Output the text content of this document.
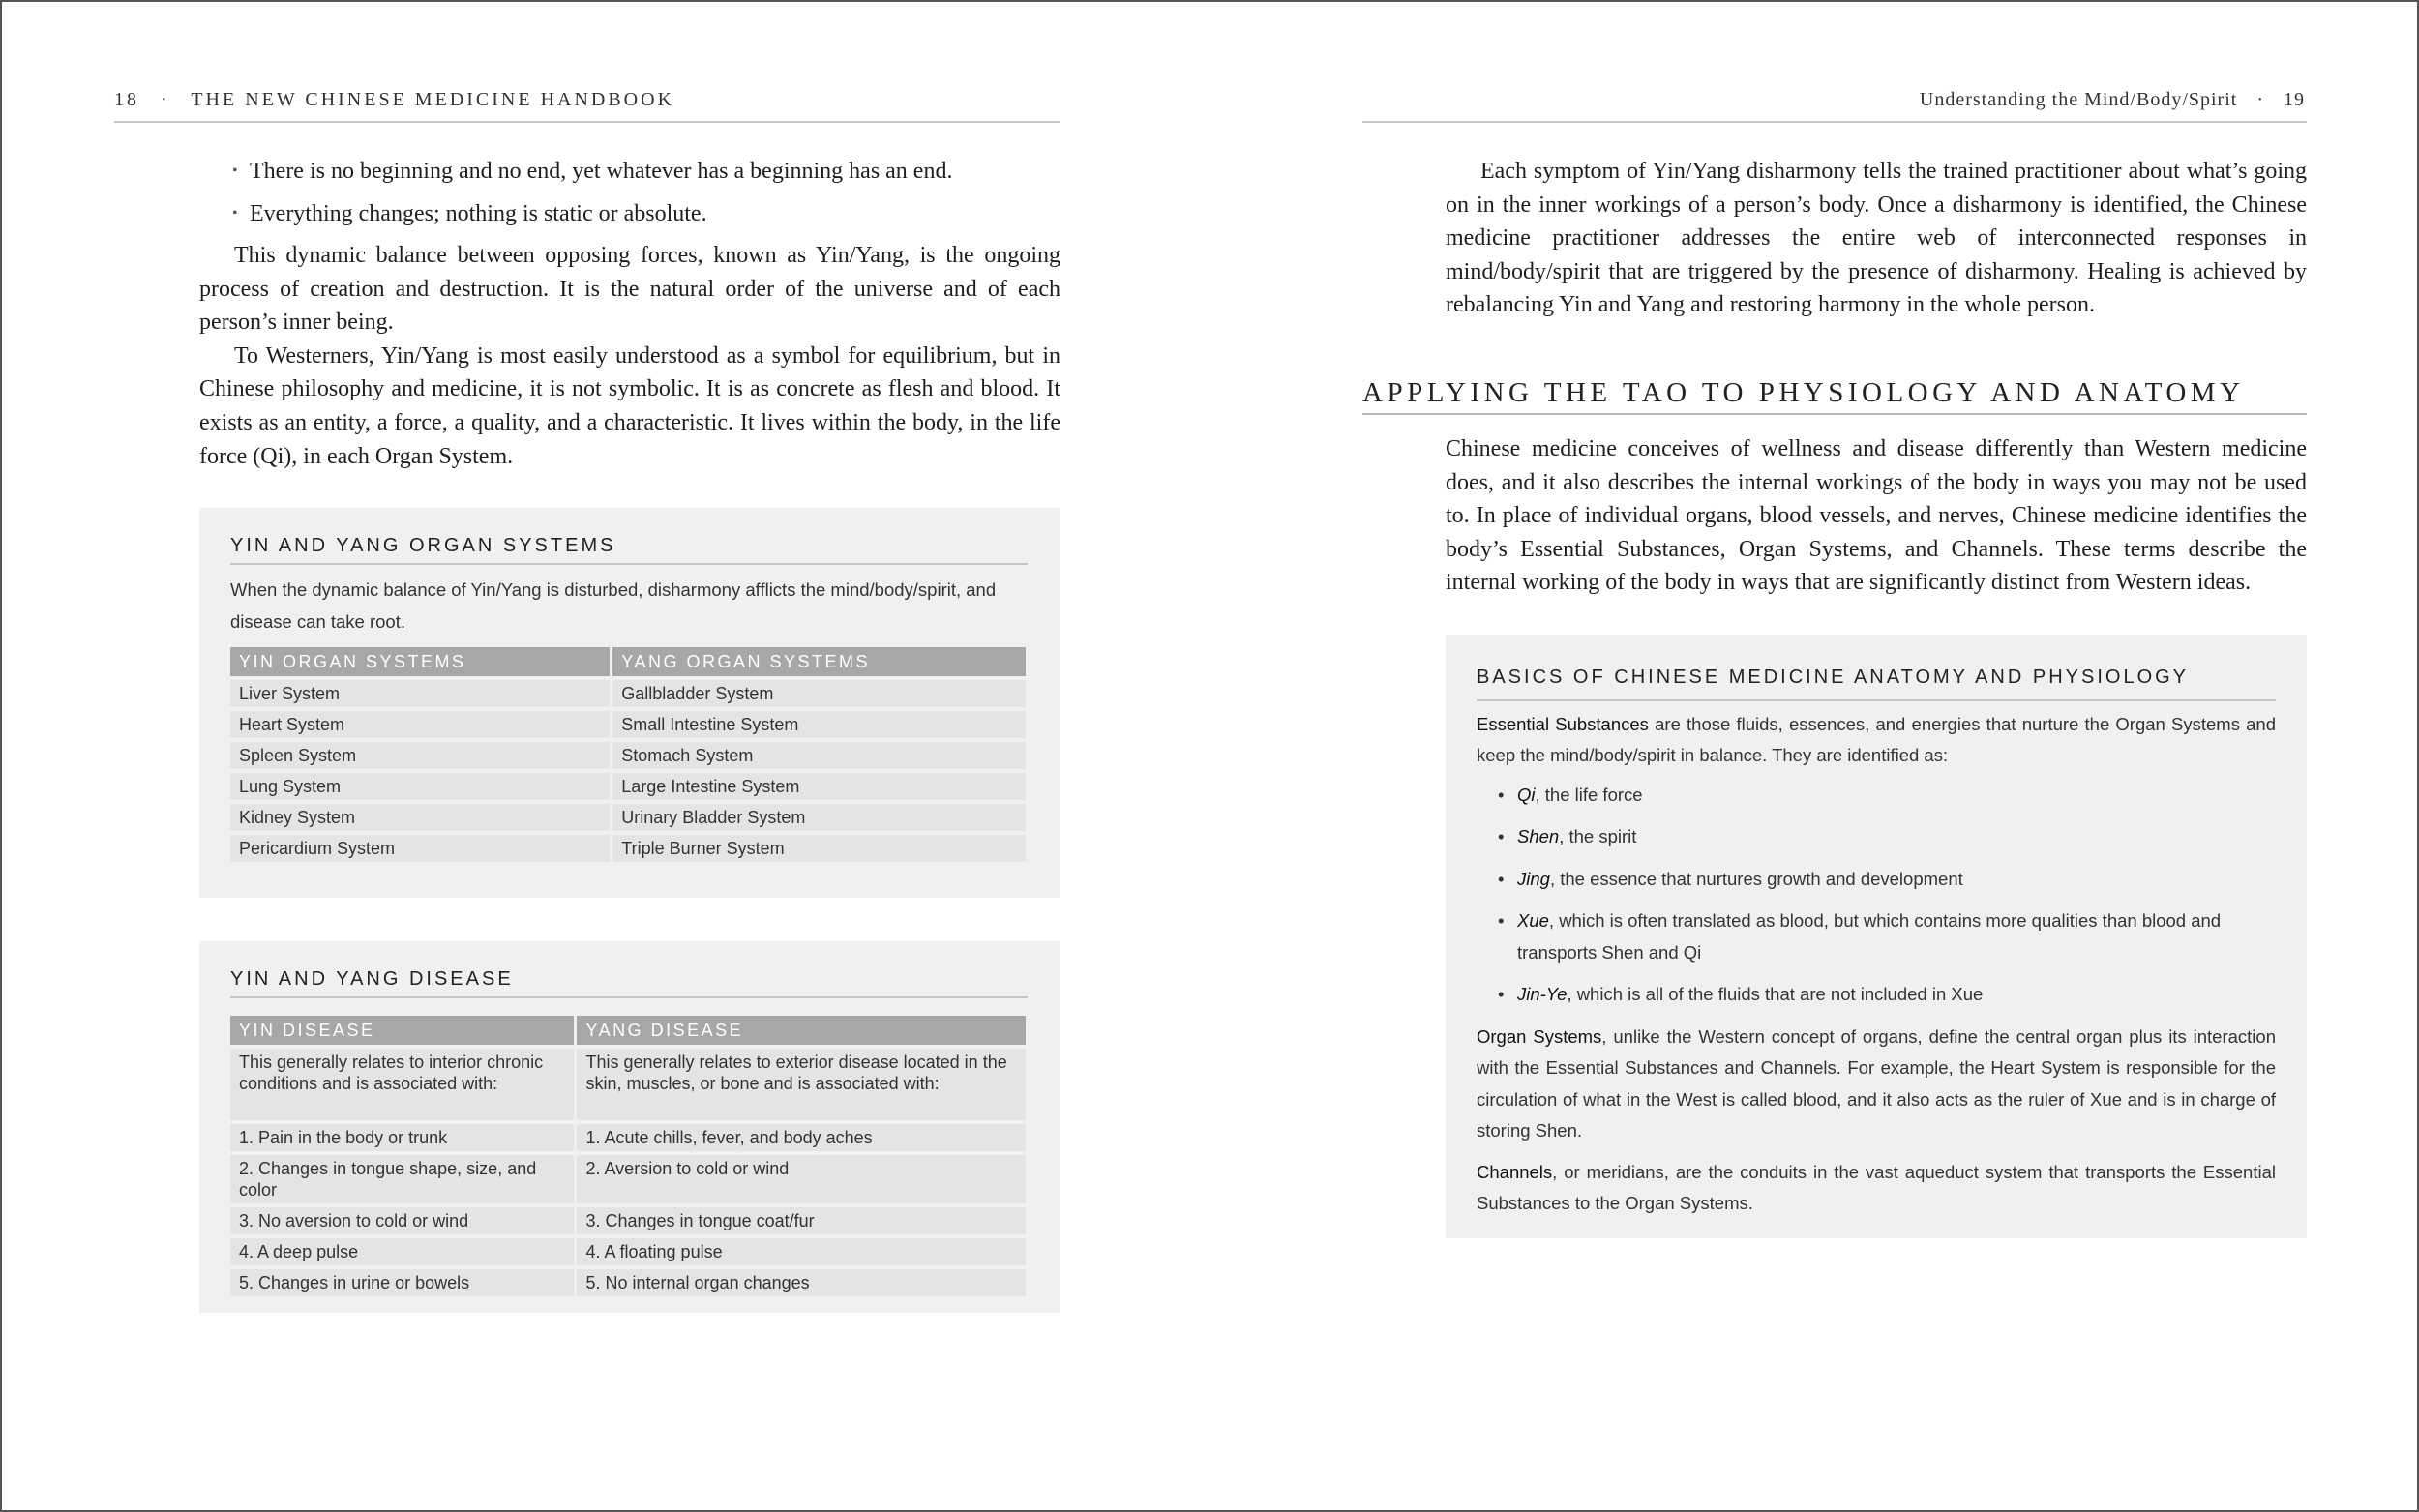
18 · THE NEW CHINESE MEDICINE HANDBOOK
• There is no beginning and no end, yet whatever has a beginning has an end.
• Everything changes; nothing is static or absolute.

This dynamic balance between opposing forces, known as Yin/Yang, is the ongoing process of creation and destruction. It is the natural order of the universe and of each person’s inner being.

To Westerners, Yin/Yang is most easily understood as a symbol for equilibrium, but in Chinese philosophy and medicine, it is not symbolic. It is as concrete as flesh and blood. It exists as an entity, a force, a quality, and a characteristic. It lives within the body, in the life force (Qi), in each Organ System.

YIN AND YANG ORGAN SYSTEMS
When the dynamic balance of Yin/Yang is disturbed, disharmony afflicts the mind/body/spirit, and disease can take root.
YIN ORGAN SYSTEMS	YANG ORGAN SYSTEMS
Liver System	Gallbladder System
Heart System	Small Intestine System
Spleen System	Stomach System
Lung System	Large Intestine System
Kidney System	Urinary Bladder System
Pericardium System	Triple Burner System
YIN AND YANG DISEASE
YIN DISEASE	YANG DISEASE
This generally relates to interior chronic conditions and is associated with:	This generally relates to exterior disease located in the skin, muscles, or bone and is associated with:
1. Pain in the body or trunk	1. Acute chills, fever, and body aches
2. Changes in tongue shape, size, and color	2. Aversion to cold or wind
3. No aversion to cold or wind	3. Changes in tongue coat/fur
4. A deep pulse	4. A floating pulse
5. Changes in urine or bowels	5. No internal organ changes
Understanding the Mind/Body/Spirit · 19

Each symptom of Yin/Yang disharmony tells the trained practitioner about what’s going on in the inner workings of a person’s body. Once a disharmony is identified, the Chinese medicine practitioner addresses the entire web of interconnected responses in mind/body/spirit that are triggered by the presence of disharmony. Healing is achieved by rebalancing Yin and Yang and restoring harmony in the whole person.

APPLYING THE TAO TO PHYSIOLOGY AND ANATOMY

Chinese medicine conceives of wellness and disease differently than Western medicine does, and it also describes the internal workings of the body in ways you may not be used to. In place of individual organs, blood vessels, and nerves, Chinese medicine identifies the body’s Essential Substances, Organ Systems, and Channels. These terms describe the internal working of the body in ways that are significantly distinct from Western ideas.

BASICS OF CHINESE MEDICINE ANATOMY AND PHYSIOLOGY
Essential Substances are those fluids, essences, and energies that nurture the Organ Systems and keep the mind/body/spirit in balance. They are identified as:
• Qi, the life force
• Shen, the spirit
• Jing, the essence that nurtures growth and development
• Xue, which is often translated as blood, but which contains more qualities than blood and transports Shen and Qi
• Jin-Ye, which is all of the fluids that are not included in Xue
Organ Systems, unlike the Western concept of organs, define the central organ plus its interaction with the Essential Substances and Channels. For example, the Heart System is responsible for the circulation of what in the West is called blood, and it also acts as the ruler of Xue and is in charge of storing Shen.
Channels, or meridians, are the conduits in the vast aqueduct system that transports the Essential Substances to the Organ Systems.
